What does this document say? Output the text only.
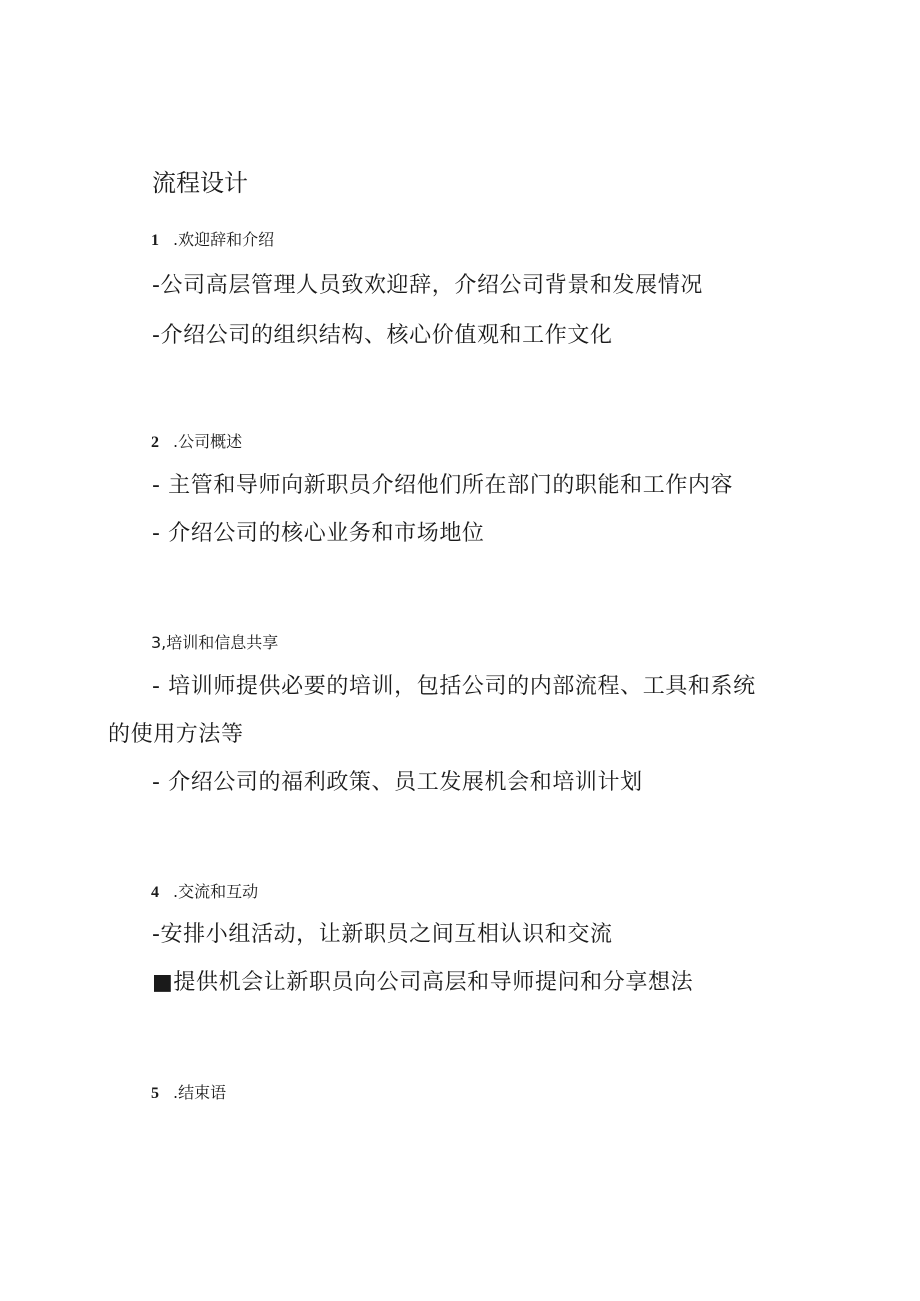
流程设计
1 .欢迎辞和介绍
-公司高层管理人员致欢迎辞，介绍公司背景和发展情况
-介绍公司的组织结构、核心价值观和工作文化
2 .公司概述
- 主管和导师向新职员介绍他们所在部门的职能和工作内容
- 介绍公司的核心业务和市场地位
3,培训和信息共享
- 培训师提供必要的培训，包括公司的内部流程、工具和系统
的使用方法等
- 介绍公司的福利政策、员工发展机会和培训计划
4 .交流和互动
-安排小组活动，让新职员之间互相认识和交流
■提供机会让新职员向公司高层和导师提问和分享想法
5 .结束语
